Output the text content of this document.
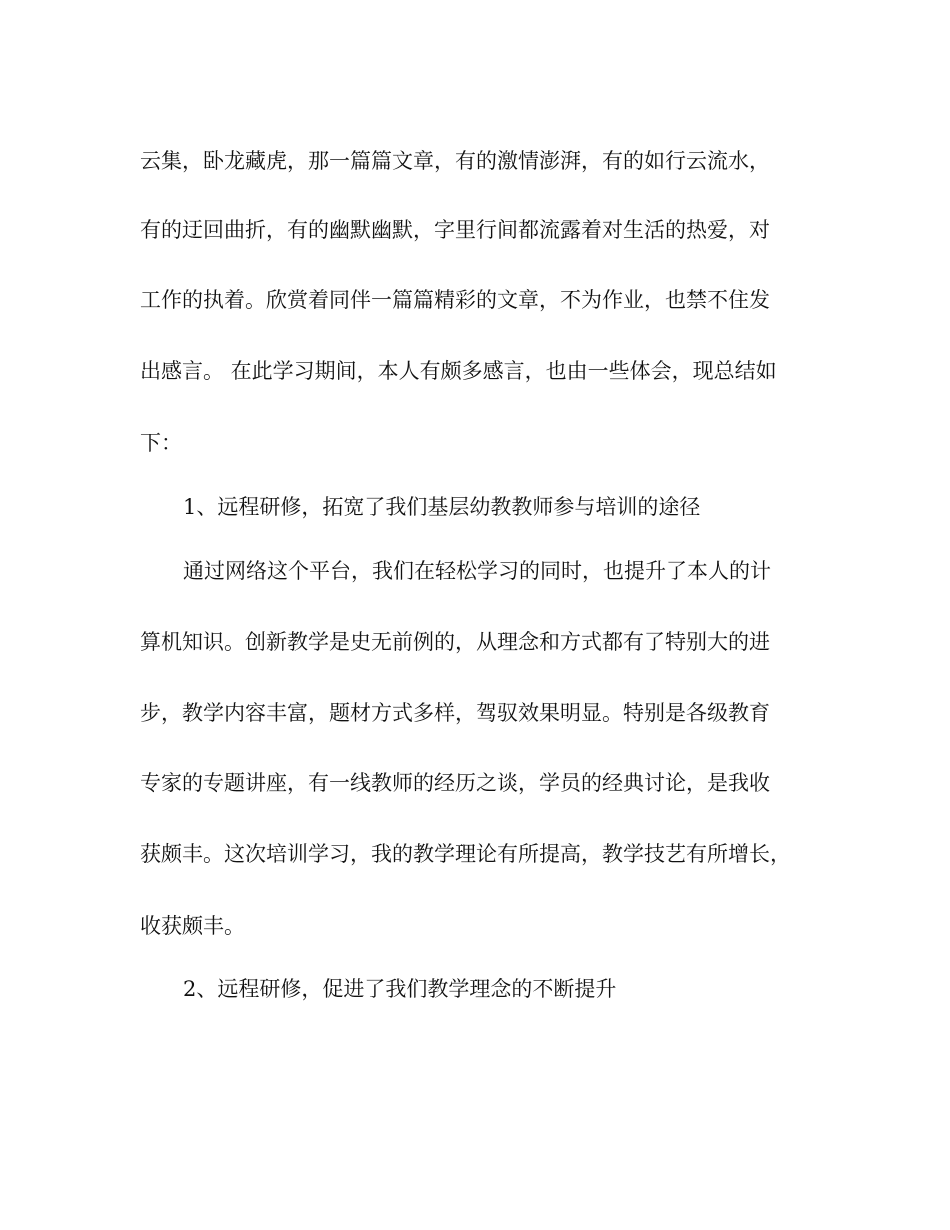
云集，卧龙藏虎，那一篇篇文章，有的激情澎湃，有的如行云流水，

有的迂回曲折，有的幽默幽默，字里行间都流露着对生活的热爱，对

工作的执着。欣赏着同伴一篇篇精彩的文章，不为作业，也禁不住发

出感言。 在此学习期间，本人有颇多感言，也由一些体会，现总结如

下：

1、远程研修，拓宽了我们基层幼教教师参与培训的途径

通过网络这个平台，我们在轻松学习的同时，也提升了本人的计

算机知识。创新教学是史无前例的，从理念和方式都有了特别大的进

步，教学内容丰富，题材方式多样，驾驭效果明显。特别是各级教育

专家的专题讲座，有一线教师的经历之谈，学员的经典讨论，是我收

获颇丰。这次培训学习，我的教学理论有所提高，教学技艺有所增长，

收获颇丰。

2、远程研修，促进了我们教学理念的不断提升
